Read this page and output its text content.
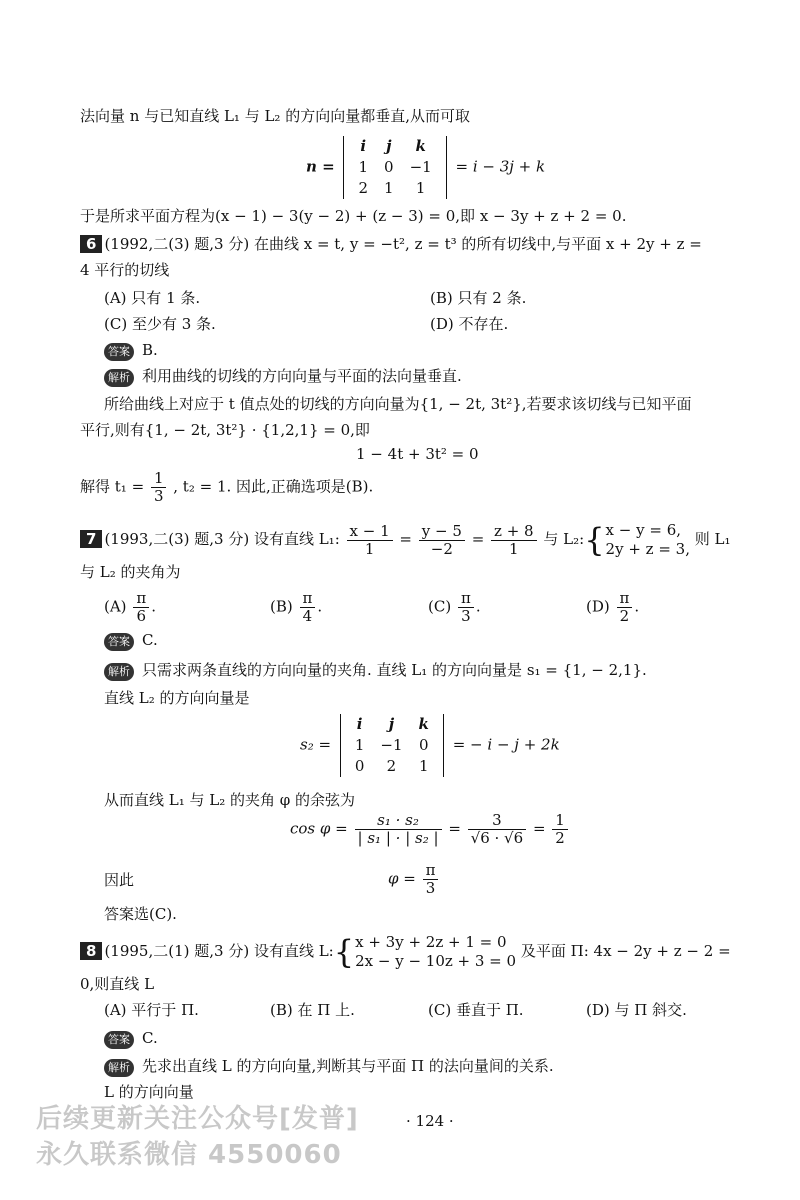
法向量 n 与已知直线 L₁ 与 L₂ 的方向向量都垂直,从而可取
n =
i	j	k
1	0	−1
2	1	1
= i − 3j + k
于是所求平面方程为(x − 1) − 3(y − 2) + (z − 3) = 0,即 x − 3y + z + 2 = 0.
6 (1992,二(3) 题,3 分) 在曲线 x = t, y = −t², z = t³ 的所有切线中,与平面 x + 2y + z =
4 平行的切线
(A) 只有 1 条.	(B) 只有 2 条.
(C) 至少有 3 条.	(D) 不存在.
答案 B.
解析 利用曲线的切线的方向向量与平面的法向量垂直.
所给曲线上对应于 t 值点处的切线的方向向量为{1, − 2t, 3t²},若要求该切线与已知平面
平行,则有{1, − 2t, 3t²} · {1,2,1} = 0,即
1 − 4t + 3t² = 0
解得 $t_1 = \frac{1}{3}$ , t₂ = 1. 因此,正确选项是(B).
7 (1993,二(3) 题,3 分) 设有直线 L₁: $\frac{x - 1}{1} = \frac{y - 5}{-2} = \frac{z + 8}{1}$ 与 L₂:{ x − y = 6,
2y + z = 3,
则 L₁
与 L₂ 的夹角为
$(A) \frac{\pi}{6}$ .	$(B) \frac{\pi}{4}$ .	$(C) \frac{\pi}{3}$ .	$(D) \frac{\pi}{2}$ .
答案 C.
解析 只需求两条直线的方向向量的夹角. 直线 L₁ 的方向向量是 s₁ = {1, − 2,1}.
直线 L₂ 的方向向量是
s₂ =
i	j	k
1	−1	0
0	2	1
= − i − j + 2k
从而直线 L₁ 与 L₂ 的夹角 φ 的余弦为
$\cos \varphi = \frac{\text{s₁ · s₂}}{\text{| s₁ | · | s₂ |}} = \frac{3}{√6 \cdot √6} = \frac{1}{2}$
因此	$\varphi = \frac{\pi}{3}$
答案选(C).
8 (1995,二(1) 题,3 分) 设有直线 L:{ x + 3y + 2z + 1 = 0
2x − y − 10z + 3 = 0
及平面 Π: 4x − 2y + z − 2 =
0,则直线 L
(A) 平行于 Π.	(B) 在 Π 上.	(C) 垂直于 Π.	(D) 与 Π 斜交.
答案 C.
解析 先求出直线 L 的方向向量,判断其与平面 Π 的法向量间的关系.
L 的方向向量
· 124 ·
后续更新关注公众号[发普]
永久联系微信 4550060
